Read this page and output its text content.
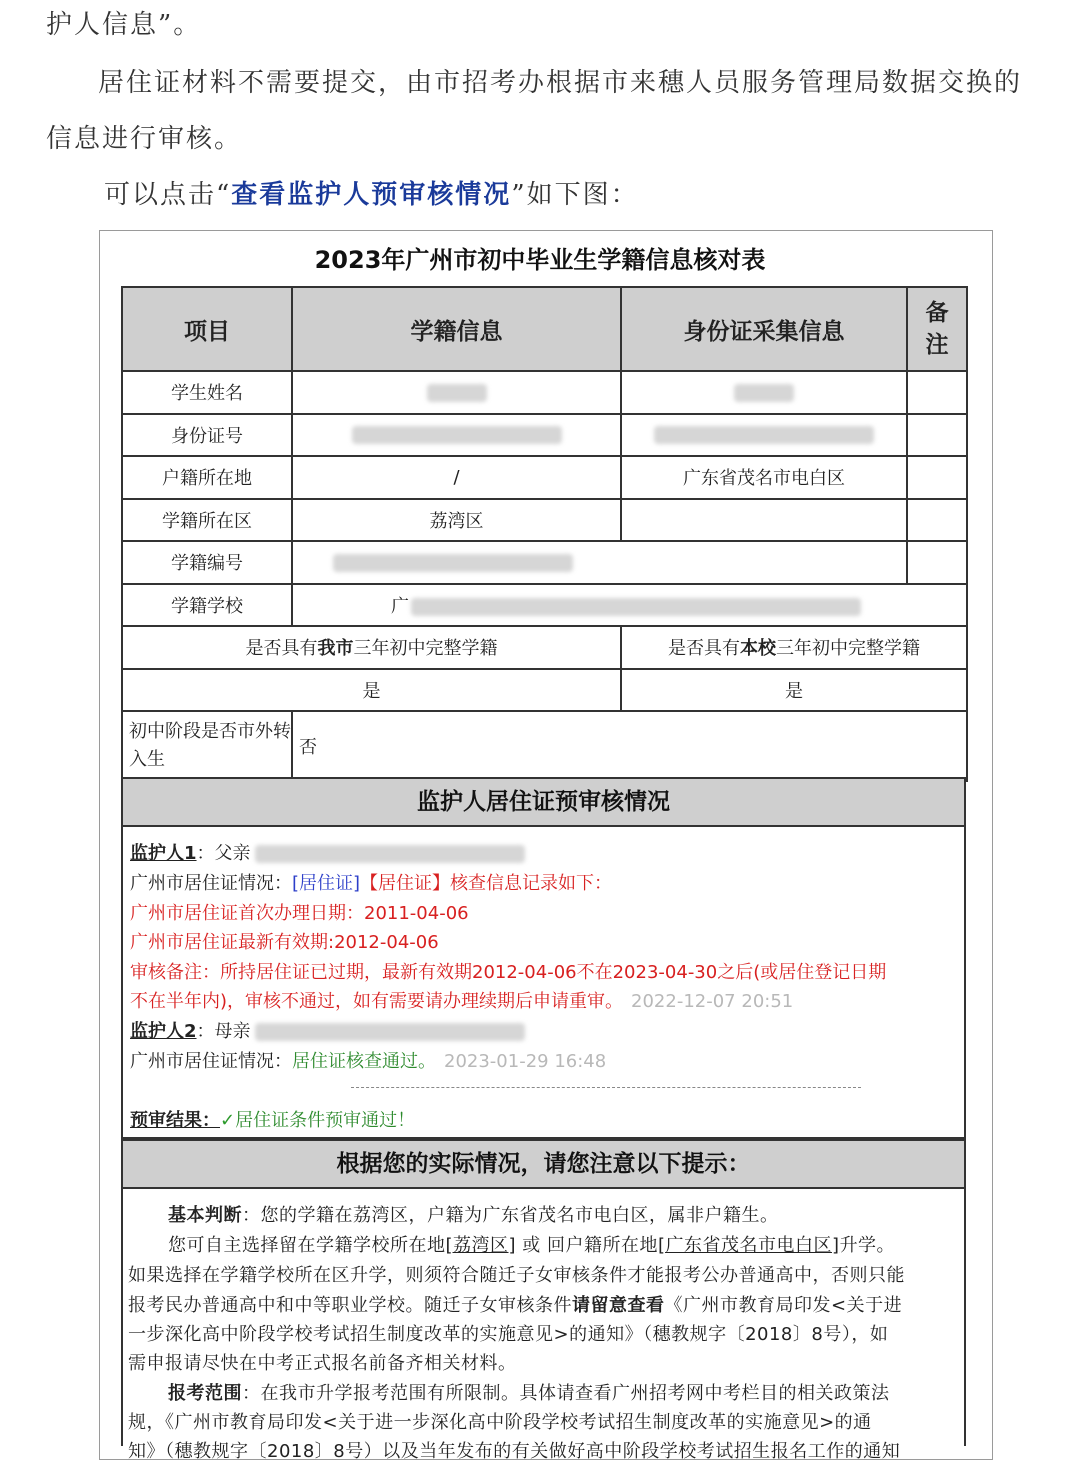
护人信息”。
居住证材料不需要提交，由市招考办根据市来穗人员服务管理局数据交换的
信息进行审核。
可以点击“查看监护人预审核情况”如下图：
2023年广州市初中毕业生学籍信息核对表
项目	学籍信息	身份证采集信息	备注
学生姓名			
身份证号			
户籍所在地	/	广东省茂名市电白区	
学籍所在区	荔湾区		
学籍编号			
学籍学校	广		
是否具有我市三年初中完整学籍		是否具有本校三年初中完整学籍	
是		是	
初中阶段是否市外转入生	否		
监护人居住证预审核情况
监护人1：父亲
广州市居住证情况：[居住证]【居住证】核查信息记录如下：
广州市居住证首次办理日期：2011-04-06
广州市居住证最新有效期:2012-04-06
审核备注：所持居住证已过期，最新有效期2012-04-06不在2023-04-30之后(或居住登记日期
不在半年内)，审核不通过，如有需要请办理续期后申请重审。 2022-12-07 20:51
监护人2：母亲
广州市居住证情况：居住证核查通过。 2023-01-29 16:48
预审结果：✓居住证条件预审通过！
根据您的实际情况，请您注意以下提示：
基本判断：您的学籍在荔湾区，户籍为广东省茂名市电白区，属非户籍生。
您可自主选择留在学籍学校所在地[荔湾区] 或 回户籍所在地[广东省茂名市电白区]升学。
如果选择在学籍学校所在区升学，则须符合随迁子女审核条件才能报考公办普通高中，否则只能
报考民办普通高中和中等职业学校。随迁子女审核条件请留意查看《广州市教育局印发<关于进
一步深化高中阶段学校考试招生制度改革的实施意见>的通知》（穗教规字〔2018〕8号），如
需申报请尽快在中考正式报名前备齐相关材料。
报考范围：在我市升学报考范围有所限制。具体请查看广州招考网中考栏目的相关政策法
规，《广州市教育局印发<关于进一步深化高中阶段学校考试招生制度改革的实施意见>的通
知》（穗教规字〔2018〕8号）以及当年发布的有关做好高中阶段学校考试招生报名工作的通知
